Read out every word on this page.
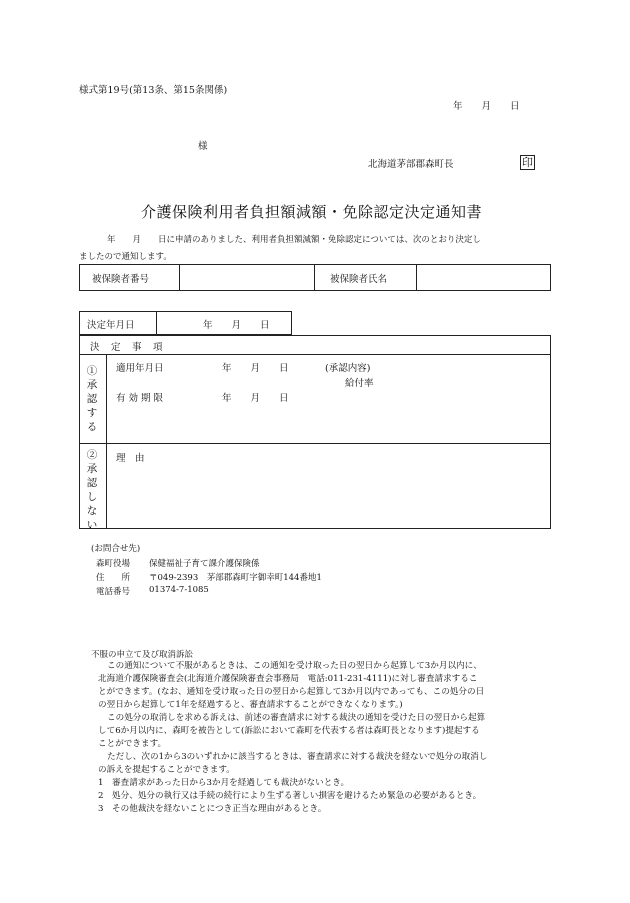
様式第19号(第13条、第15条関係)
年　　月　　日
様
北海道茅部郡森町長	印
介護保険利用者負担額減額・免除認定決定通知書
年　　月　　日に申請のありました、利用者負担額減額・免除認定については、次のとおり決定し
ましたので通知します。
被保険者番号	被保険者氏名
決定年月日	年　　月　　日
決　定　事　項
①承認する
適用年月日	年　　月　　日	(承認内容)
給付率
有 効 期 限	年　　月　　日
②承認しない
理　由
(お問合せ先)
森町役場 保健福祉子育て課介護保険係
住　　所 〒049-2393　茅部郡森町字御幸町144番地1
電話番号 01374-7-1085
不服の申立て及び取消訴訟
この通知について不服があるときは、この通知を受け取った日の翌日から起算して3か月以内に、
北海道介護保険審査会(北海道介護保険審査会事務局　電話:011-231-4111)に対し審査請求するこ
とができます。(なお、通知を受け取った日の翌日から起算して3か月以内であっても、この処分の日
の翌日から起算して1年を経過すると、審査請求することができなくなります。)
この処分の取消しを求める訴えは、前述の審査請求に対する裁決の通知を受けた日の翌日から起算
して6か月以内に、森町を被告として(訴訟において森町を代表する者は森町長となります)提起する
ことができます。
ただし、次の1から3のいずれかに該当するときは、審査請求に対する裁決を経ないで処分の取消し
の訴えを提起することができます。
1　審査請求があった日から3か月を経過しても裁決がないとき。
2　処分、処分の執行又は手続の続行により生ずる著しい損害を避けるため緊急の必要があるとき。
3　その他裁決を経ないことにつき正当な理由があるとき。
